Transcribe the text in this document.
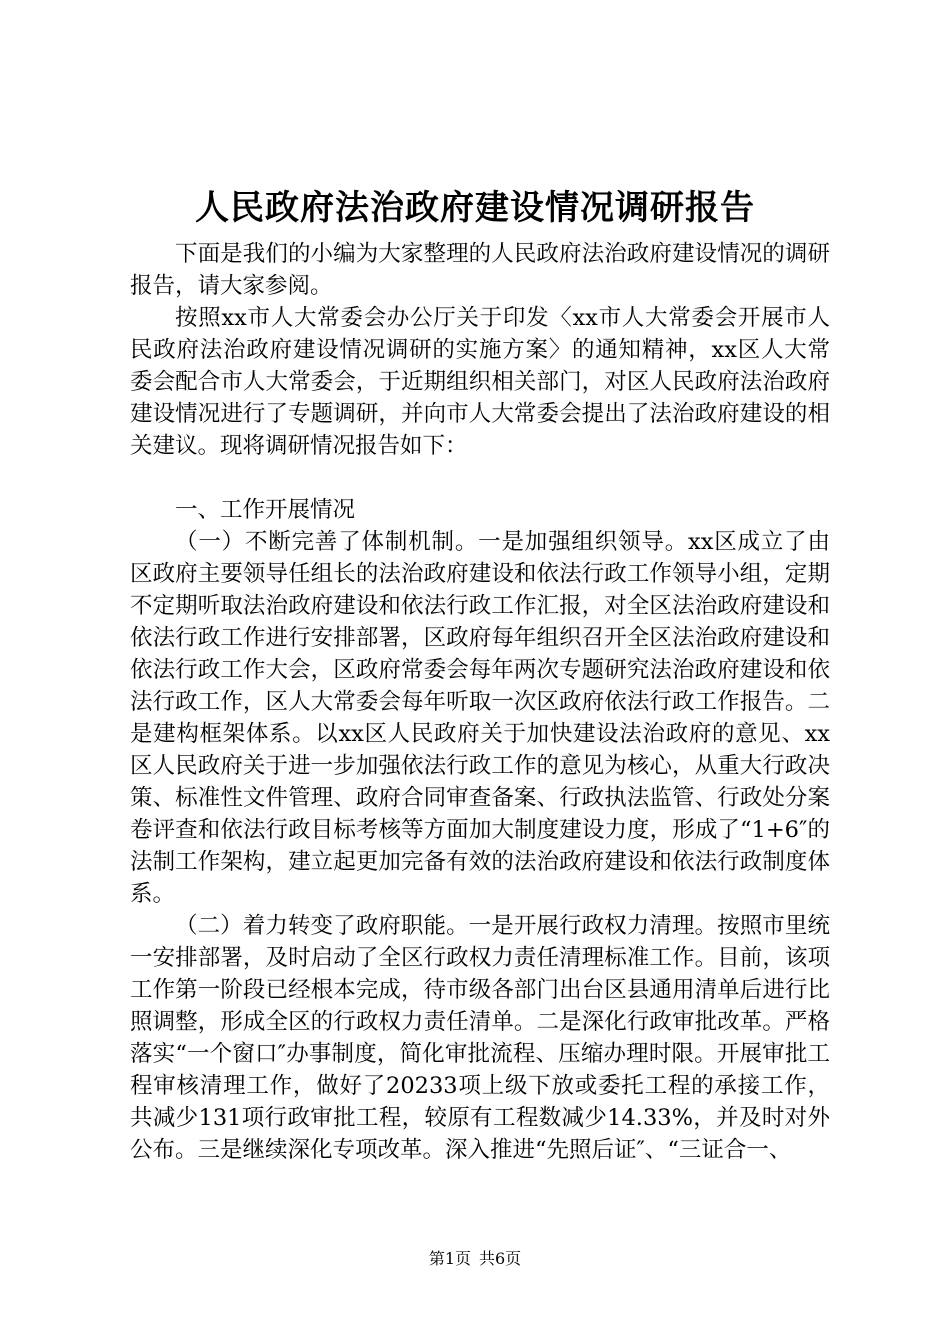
人民政府法治政府建设情况调研报告

下面是我们的小编为大家整理的人民政府法治政府建设情况的调研报告，请大家参阅。

按照xx市人大常委会办公厅关于印发〈xx市人大常委会开展市人民政府法治政府建设情况调研的实施方案〉的通知精神，xx区人大常委会配合市人大常委会，于近期组织相关部门，对区人民政府法治政府建设情况进行了专题调研，并向市人大常委会提出了法治政府建设的相关建议。现将调研情况报告如下：

一、工作开展情况

（一）不断完善了体制机制。一是加强组织领导。xx区成立了由区政府主要领导任组长的法治政府建设和依法行政工作领导小组，定期不定期听取法治政府建设和依法行政工作汇报，对全区法治政府建设和依法行政工作进行安排部署，区政府每年组织召开全区法治政府建设和依法行政工作大会，区政府常委会每年两次专题研究法治政府建设和依法行政工作，区人大常委会每年听取一次区政府依法行政工作报告。二是建构框架体系。以xx区人民政府关于加快建设法治政府的意见、xx区人民政府关于进一步加强依法行政工作的意见为核心，从重大行政决策、标准性文件管理、政府合同审查备案、行政执法监管、行政处分案卷评查和依法行政目标考核等方面加大制度建设力度，形成了“1+6″的法制工作架构，建立起更加完备有效的法治政府建设和依法行政制度体系。

（二）着力转变了政府职能。一是开展行政权力清理。按照市里统一安排部署，及时启动了全区行政权力责任清理标准工作。目前，该项工作第一阶段已经根本完成，待市级各部门出台区县通用清单后进行比照调整，形成全区的行政权力责任清单。二是深化行政审批改革。严格落实“一个窗口″办事制度，简化审批流程、压缩办理时限。开展审批工程审核清理工作，做好了20233项上级下放或委托工程的承接工作，共减少131项行政审批工程，较原有工程数减少14.33%，并及时对外公布。三是继续深化专项改革。深入推进“先照后证″、“三证合一、

第1页 共6页
